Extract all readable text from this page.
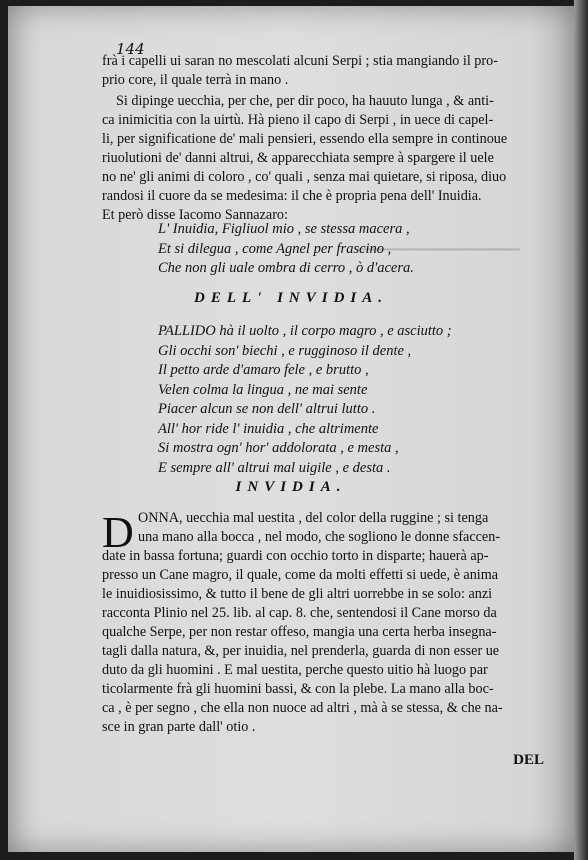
▁▁▁▁▁▁▁▁▁▁▁▁▁▁▁
144
frà i capelli ui saran no mescolati alcuni Serpi ; stia mangiando il pro-
prio core, il quale terrà in mano .
Si dipinge uecchia, per che, per dir poco, ha hauuto lunga , & anti-
ca inimicitia con la uirtù. Hà pieno il capo di Serpi , in uece di capel-
li, per significatione de' mali pensieri, essendo ella sempre in continoue
riuolutioni de' danni altrui, & apparecchiata sempre à spargere il uele
no ne' gli animi di coloro , co' quali , senza mai quietare, si riposa, diuo
randosi il cuore da se medesima: il che è propria pena dell' Inuidia.
Et però disse Iacomo Sannazaro:
L' Inuidia, Figliuol mio , se stessa macera ,
Et si dilegua , come Agnel per frascino ,
Che non gli uale ombra di cerro , ò d'acera.
DELL' INVIDIA.
PALLIDO hà il uolto , il corpo magro , e asciutto ;
Gli occhi son' biechi , e rugginoso il dente ,
Il petto arde d'amaro fele , e brutto ,
Velen colma la lingua , ne mai sente
Piacer alcun se non dell' altrui lutto .
All' hor ride l' inuidia , che altrimente
Si mostra ogn' hor' addolorata , e mesta ,
E sempre all' altrui mal uigile , e desta .
INVIDIA.
D ONNA, uecchia mal uestita , del color della ruggine ; si tenga
una mano alla bocca , nel modo, che sogliono le donne sfaccen-
date in bassa fortuna; guardi con occhio torto in disparte; hauerà ap-
presso un Cane magro, il quale, come da molti effetti si uede, è anima
le inuidiosissimo, & tutto il bene de gli altri uorrebbe in se solo: anzi
racconta Plinio nel 25. lib. al cap. 8. che, sentendosi il Cane morso da
qualche Serpe, per non restar offeso, mangia una certa herba insegna-
tagli dalla natura, &, per inuidia, nel prenderla, guarda di non esser ue
duto da gli huomini . E mal uestita, perche questo uitio hà luogo par
ticolarmente frà gli huomini bassi, & con la plebe. La mano alla boc-
ca , è per segno , che ella non nuoce ad altri , mà à se stessa, & che na-
sce in gran parte dall' otio .
DEL
